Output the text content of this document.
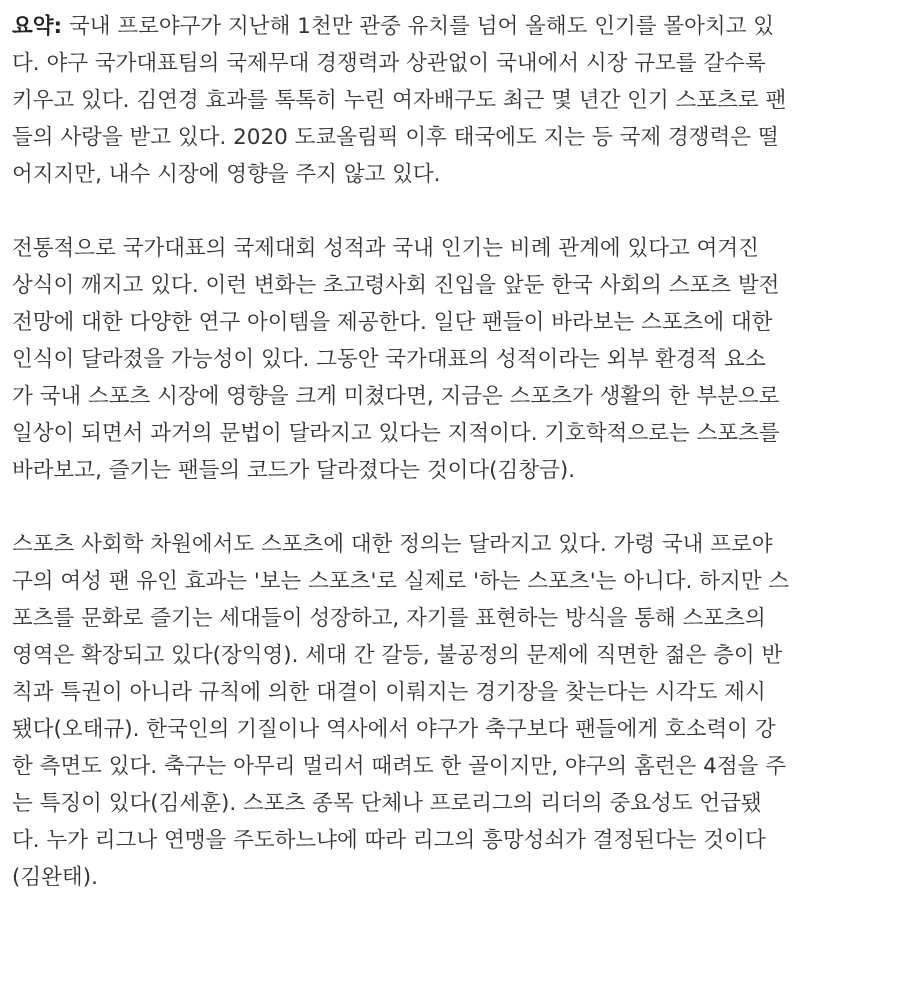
요약: 국내 프로야구가 지난해 1천만 관중 유치를 넘어 올해도 인기를 몰아치고 있
다. 야구 국가대표팀의 국제무대 경쟁력과 상관없이 국내에서 시장 규모를 갈수록
키우고 있다. 김연경 효과를 톡톡히 누린 여자배구도 최근 몇 년간 인기 스포츠로 팬
들의 사랑을 받고 있다. 2020 도쿄올림픽 이후 태국에도 지는 등 국제 경쟁력은 떨
어지지만, 내수 시장에 영향을 주지 않고 있다.

전통적으로 국가대표의 국제대회 성적과 국내 인기는 비례 관계에 있다고 여겨진
상식이 깨지고 있다. 이런 변화는 초고령사회 진입을 앞둔 한국 사회의 스포츠 발전
전망에 대한 다양한 연구 아이템을 제공한다. 일단 팬들이 바라보는 스포츠에 대한
인식이 달라졌을 가능성이 있다. 그동안 국가대표의 성적이라는 외부 환경적 요소
가 국내 스포츠 시장에 영향을 크게 미쳤다면, 지금은 스포츠가 생활의 한 부분으로
일상이 되면서 과거의 문법이 달라지고 있다는 지적이다. 기호학적으로는 스포츠를
바라보고, 즐기는 팬들의 코드가 달라졌다는 것이다(김창금).

스포츠 사회학 차원에서도 스포츠에 대한 정의는 달라지고 있다. 가령 국내 프로야
구의 여성 팬 유인 효과는 '보는 스포츠'로 실제로 '하는 스포츠'는 아니다. 하지만 스
포츠를 문화로 즐기는 세대들이 성장하고, 자기를 표현하는 방식을 통해 스포츠의
영역은 확장되고 있다(장익영). 세대 간 갈등, 불공정의 문제에 직면한 젊은 층이 반
칙과 특권이 아니라 규칙에 의한 대결이 이뤄지는 경기장을 찾는다는 시각도 제시
됐다(오태규). 한국인의 기질이나 역사에서 야구가 축구보다 팬들에게 호소력이 강
한 측면도 있다. 축구는 아무리 멀리서 때려도 한 골이지만, 야구의 홈런은 4점을 주
는 특징이 있다(김세훈). 스포츠 종목 단체나 프로리그의 리더의 중요성도 언급됐
다. 누가 리그나 연맹을 주도하느냐에 따라 리그의 흥망성쇠가 결정된다는 것이다
(김완태).
